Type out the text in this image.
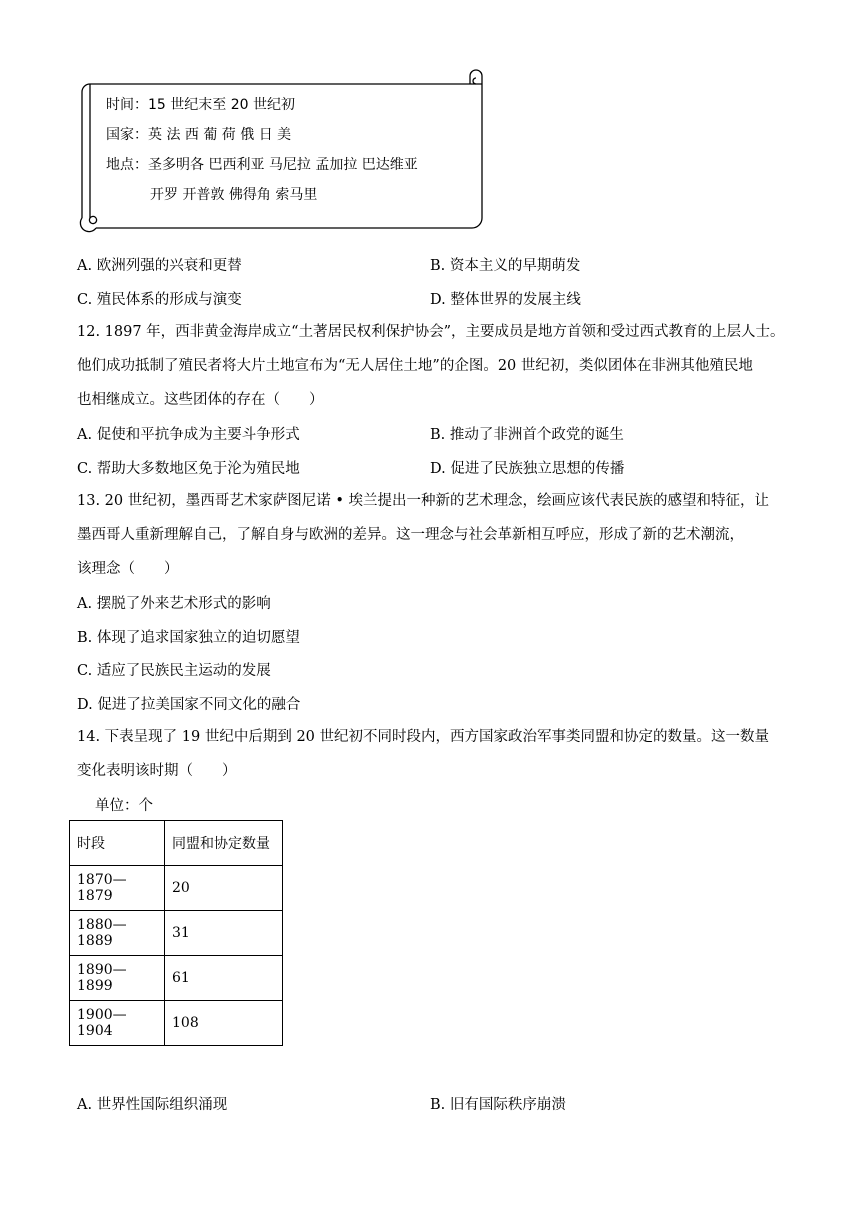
时间：15 世纪末至 20 世纪初
国家：英 法 西 葡 荷 俄 日 美
地点：圣多明各 巴西利亚 马尼拉 孟加拉 巴达维亚
开罗 开普敦 佛得角 索马里
A. 欧洲列强的兴衰和更替	B. 资本主义的早期萌发
C. 殖民体系的形成与演变	D. 整体世界的发展主线
12. 1897 年，西非黄金海岸成立“土著居民权利保护协会”，主要成员是地方首领和受过西式教育的上层人士。
他们成功抵制了殖民者将大片土地宣布为“无人居住土地”的企图。20 世纪初，类似团体在非洲其他殖民地
也相继成立。这些团体的存在（　　）
A. 促使和平抗争成为主要斗争形式	B. 推动了非洲首个政党的诞生
C. 帮助大多数地区免于沦为殖民地	D. 促进了民族独立思想的传播
13. 20 世纪初，墨西哥艺术家萨图尼诺 • 埃兰提出一种新的艺术理念，绘画应该代表民族的感望和特征，让
墨西哥人重新理解自己，了解自身与欧洲的差异。这一理念与社会革新相互呼应，形成了新的艺术潮流，
该理念（　　）
A. 摆脱了外来艺术形式的影响
B. 体现了追求国家独立的迫切愿望
C. 适应了民族民主运动的发展
D. 促进了拉美国家不同文化的融合
14. 下表呈现了 19 世纪中后期到 20 世纪初不同时段内，西方国家政治军事类同盟和协定的数量。这一数量
变化表明该时期（　　）
单位：个
时段	同盟和协定数量
1870—1879	20
1880—1889	31
1890—1899	61
1900—1904	108
A. 世界性国际组织涌现	B. 旧有国际秩序崩溃
